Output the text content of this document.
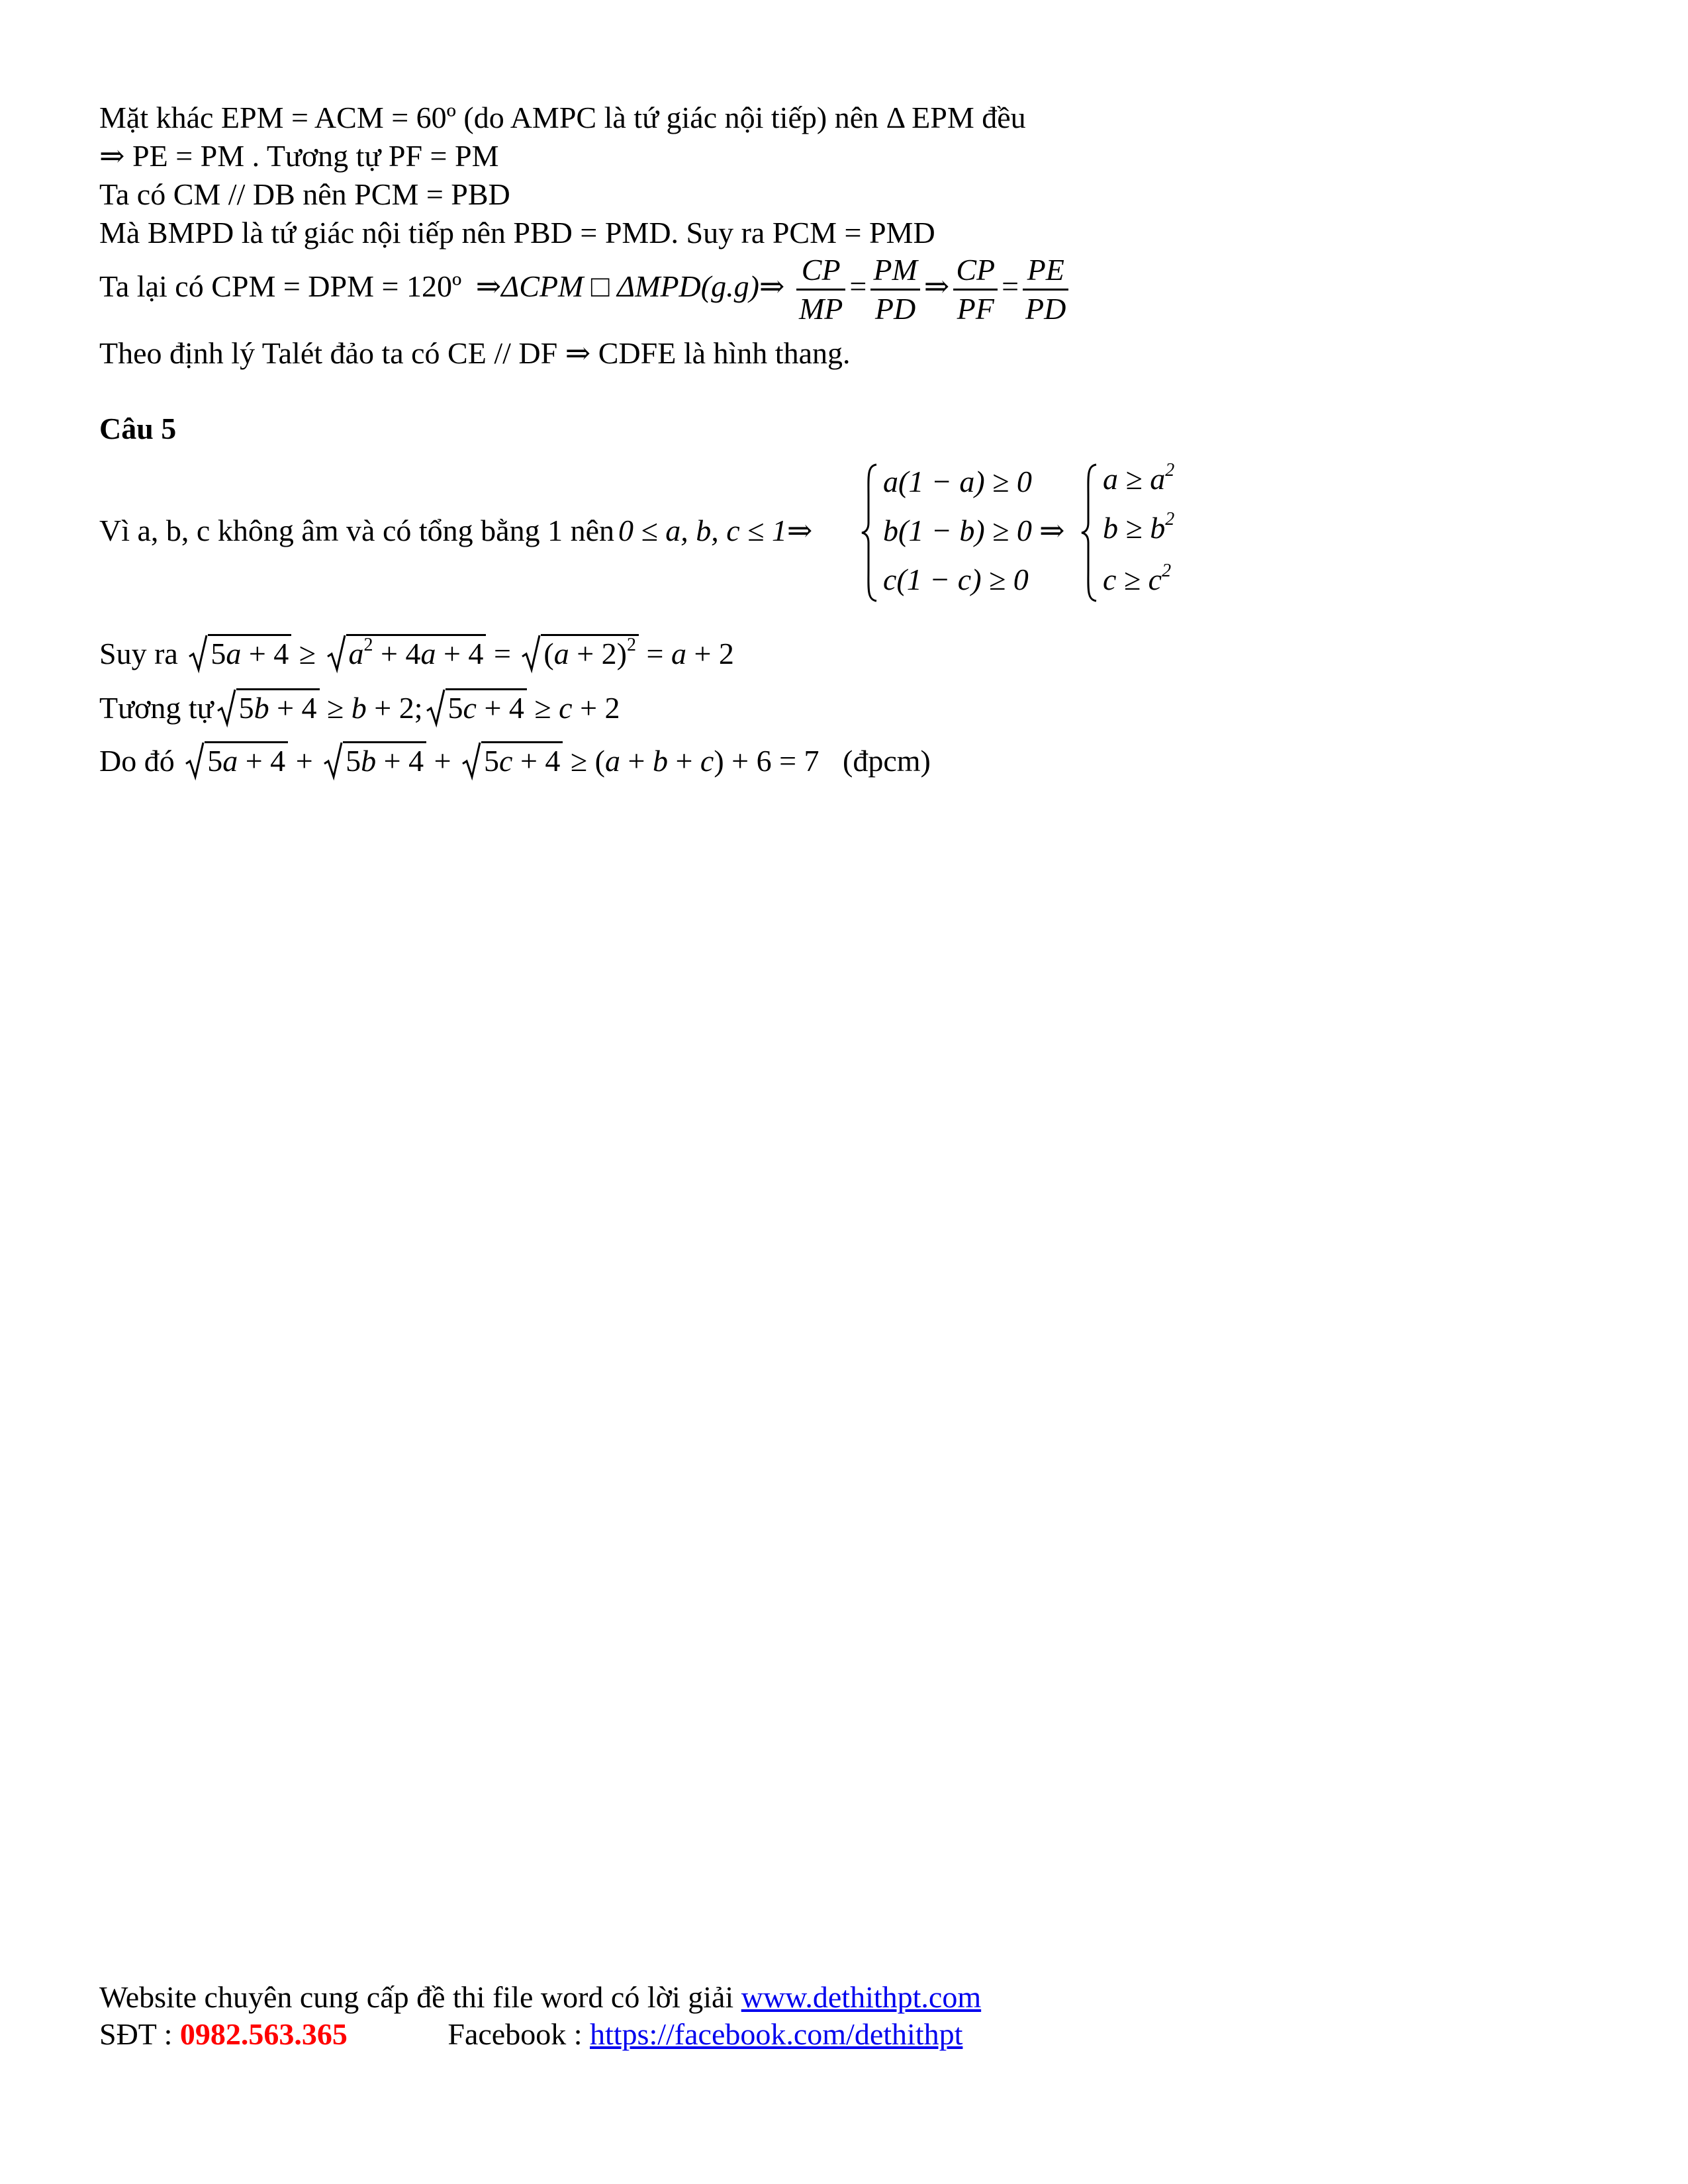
Mặt khác EPM = ACM = 60º (do AMPC là tứ giác nội tiếp) nên Δ EPM đều
⇒ PE = PM . Tương tự PF = PM
Ta có CM // DB nên PCM = PBD
Mà BMPD là tứ giác nội tiếp nên PBD = PMD. Suy ra PCM = PMD
Ta lại có CPM = DPM = 120º ⇒ΔCPM □ ΔMPD(g.g)⇒ $\frac{CP}{MP} = \frac{PM}{PD}$ ⇒ $\frac{CP}{PF} = \frac{PE}{PD}$
Theo định lý Talét đảo ta có CE // DF ⇒ CDFE là hình thang.
Câu 5
Vì a, b, c không âm và có tổng bằng 1 nên 0 ≤ a, b, c ≤ 1⇒
a(1 − a) ≥ 0
b(1 − b) ≥ 0
c(1 − c) ≥ 0
⇒
$a \ge a^2$
$b \ge b^2$
$c \ge c^2$
Suy ra $5a + 4 \ge a^2 + 4a + 4 = (a + 2)^2 = a + 2$
Tương tự 5b + 4 ≥ b + 2; 5c + 4 ≥ c + 2
Do đó 5a + 4 +
5b + 4 +
5c + 4 ≥ (a + b + c) + 6 = 7 (đpcm)
Website chuyên cung cấp đề thi file word có lời giải www.dethithpt.com
SĐT : 0982.563.365	Facebook : https://facebook.com/dethithpt
